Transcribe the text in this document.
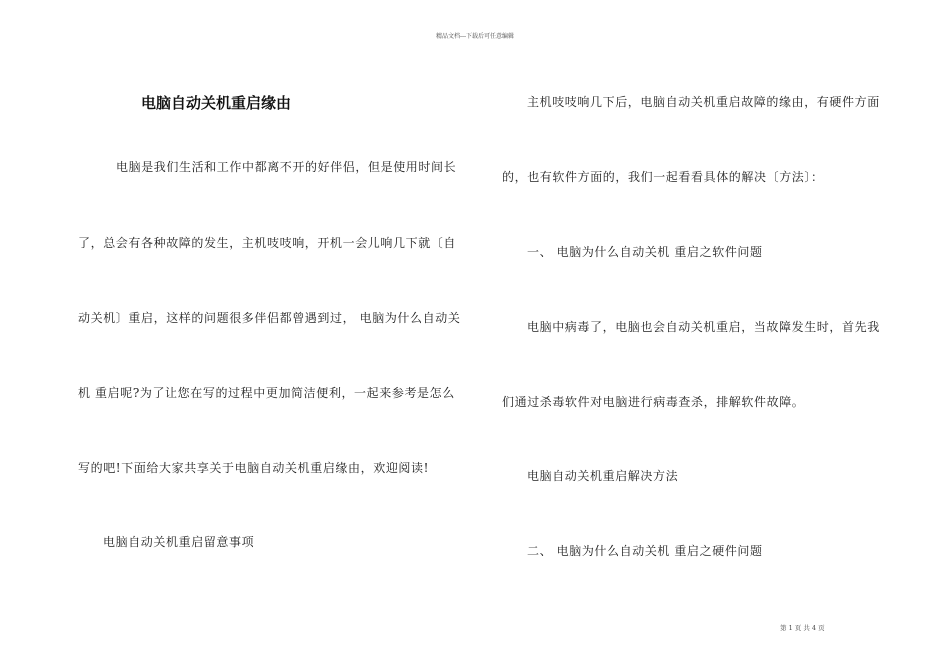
精品文档---下载后可任意编辑
电脑自动关机重启缘由
电脑是我们生活和工作中都离不开的好伴侣，但是使用时间长
了，总会有各种故障的发生，主机吱吱响，开机一会儿响几下就〔自
动关机〕重启，这样的问题很多伴侣都曾遇到过， 电脑为什么自动关
机 重启呢?为了让您在写的过程中更加简洁便利，一起来参考是怎么
写的吧!下面给大家共享关于电脑自动关机重启缘由，欢迎阅读!
电脑自动关机重启留意事项
主机吱吱响几下后，电脑自动关机重启故障的缘由，有硬件方面
的，也有软件方面的，我们一起看看具体的解决〔方法〕：
一、 电脑为什么自动关机 重启之软件问题
电脑中病毒了，电脑也会自动关机重启，当故障发生时，首先我
们通过杀毒软件对电脑进行病毒查杀，排解软件故障。
电脑自动关机重启解决方法
二、 电脑为什么自动关机 重启之硬件问题
第 1 页 共 4 页
